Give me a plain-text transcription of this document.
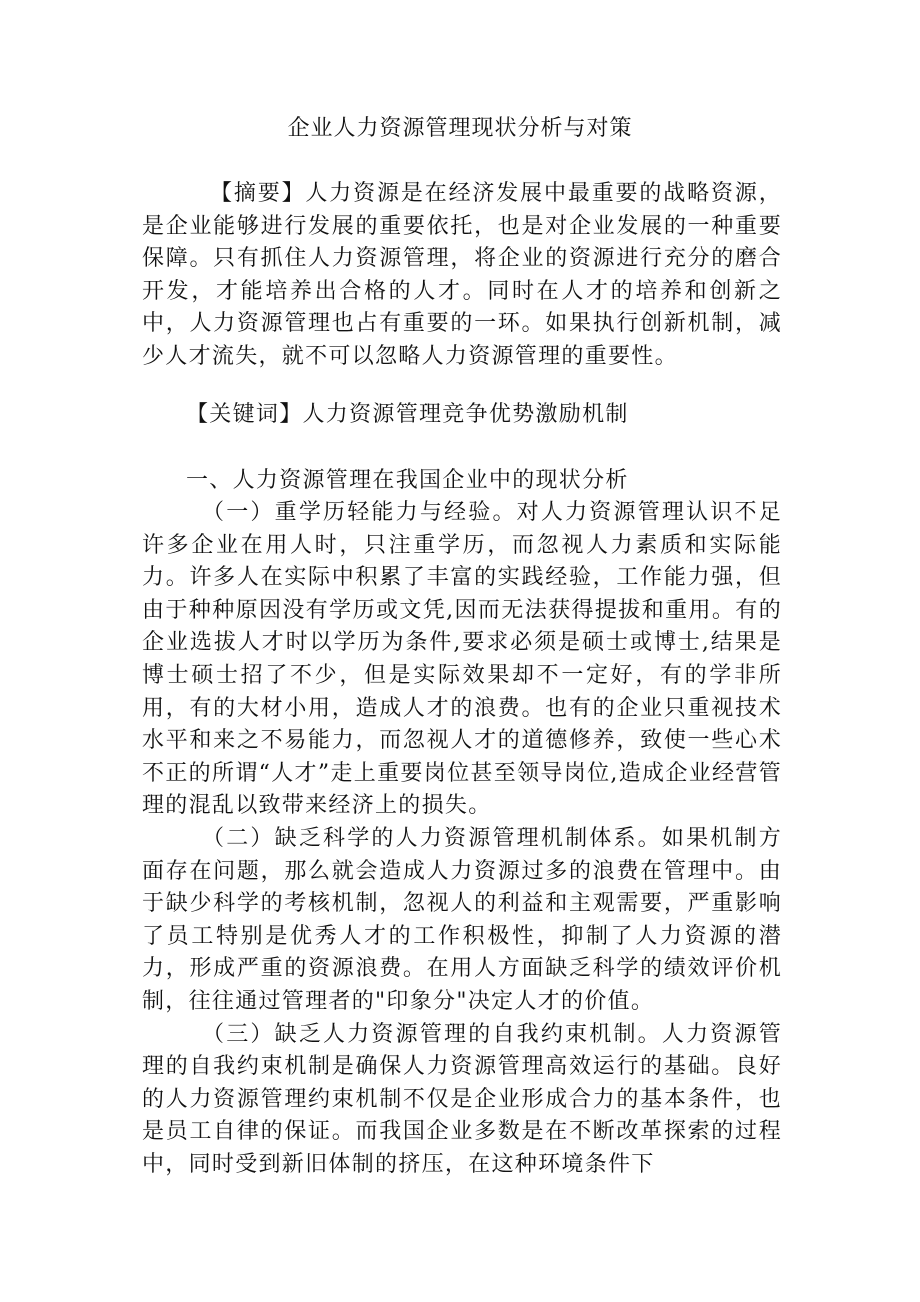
企业人力资源管理现状分析与对策

【摘要】人力资源是在经济发展中最重要的战略资源，是企业能够进行发展的重要依托，也是对企业发展的一种重要保障。只有抓住人力资源管理，将企业的资源进行充分的磨合开发，才能培养出合格的人才。同时在人才的培养和创新之中，人力资源管理也占有重要的一环。如果执行创新机制，减少人才流失，就不可以忽略人力资源管理的重要性。

【关键词】人力资源管理竞争优势激励机制

一、人力资源管理在我国企业中的现状分析

（一）重学历轻能力与经验。对人力资源管理认识不足许多企业在用人时，只注重学历，而忽视人力素质和实际能力。许多人在实际中积累了丰富的实践经验，工作能力强，但由于种种原因没有学历或文凭,因而无法获得提拔和重用。有的企业选拔人才时以学历为条件,要求必须是硕士或博士,结果是博士硕士招了不少，但是实际效果却不一定好，有的学非所用，有的大材小用，造成人才的浪费。也有的企业只重视技术水平和来之不易能力，而忽视人才的道德修养，致使一些心术不正的所谓“人才”走上重要岗位甚至领导岗位,造成企业经营管理的混乱以致带来经济上的损失。

（二）缺乏科学的人力资源管理机制体系。如果机制方面存在问题，那么就会造成人力资源过多的浪费在管理中。由于缺少科学的考核机制，忽视人的利益和主观需要，严重影响了员工特别是优秀人才的工作积极性，抑制了人力资源的潜力，形成严重的资源浪费。在用人方面缺乏科学的绩效评价机制，往往通过管理者的"印象分"决定人才的价值。

（三）缺乏人力资源管理的自我约束机制。人力资源管理的自我约束机制是确保人力资源管理高效运行的基础。良好的人力资源管理约束机制不仅是企业形成合力的基本条件，也是员工自律的保证。而我国企业多数是在不断改革探索的过程中，同时受到新旧体制的挤压，在这种环境条件下
